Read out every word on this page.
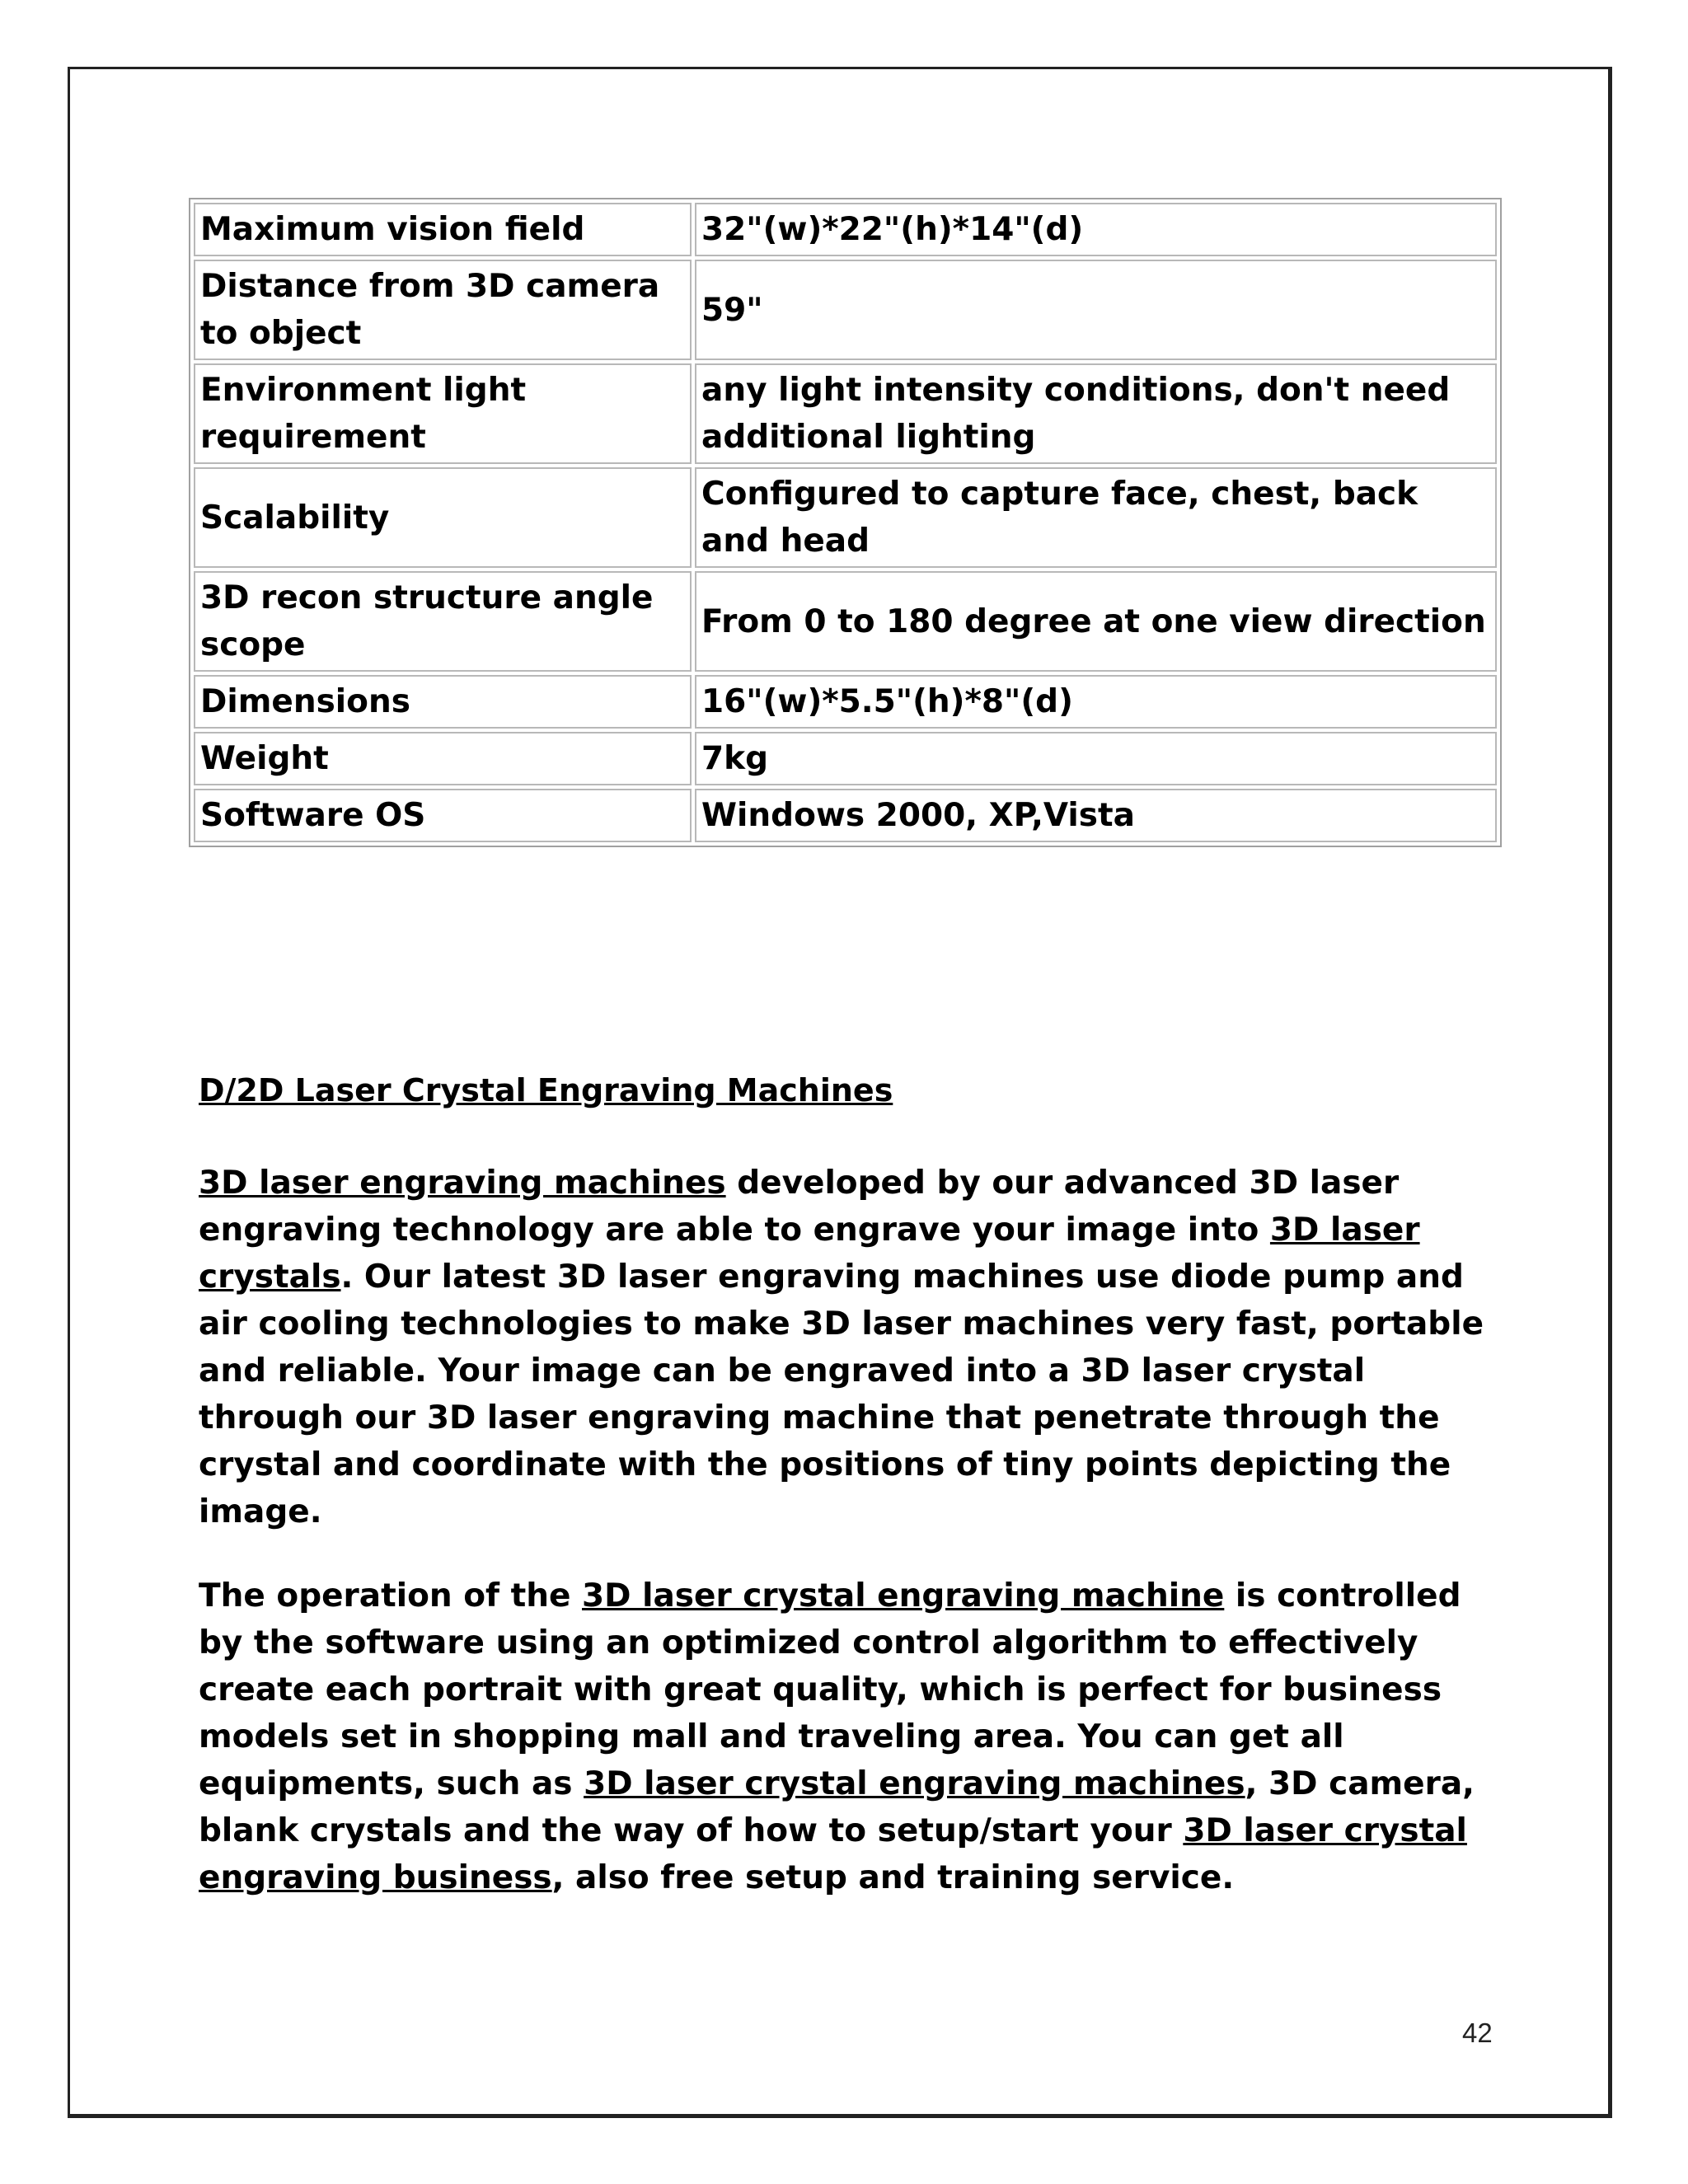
Maximum vision field	32"(w)*22"(h)*14"(d)
Distance from 3D camera to object	59"
Environment light requirement	any light intensity conditions, don't need additional lighting
Scalability	Configured to capture face, chest, back and head
3D recon structure angle scope	From 0 to 180 degree at one view direction
Dimensions	16"(w)*5.5"(h)*8"(d)
Weight	7kg
Software OS	Windows 2000, XP,Vista

D/2D Laser Crystal Engraving Machines

3D laser engraving machines developed by our advanced 3D laser engraving technology are able to engrave your image into 3D laser crystals. Our latest 3D laser engraving machines use diode pump and air cooling technologies to make 3D laser machines very fast, portable and reliable. Your image can be engraved into a 3D laser crystal through our 3D laser engraving machine that penetrate through the crystal and coordinate with the positions of tiny points depicting the image.

The operation of the 3D laser crystal engraving machine is controlled by the software using an optimized control algorithm to effectively create each portrait with great quality, which is perfect for business models set in shopping mall and traveling area. You can get all equipments, such as 3D laser crystal engraving machines, 3D camera, blank crystals and the way of how to setup/start your 3D laser crystal engraving business, also free setup and training service.

42
